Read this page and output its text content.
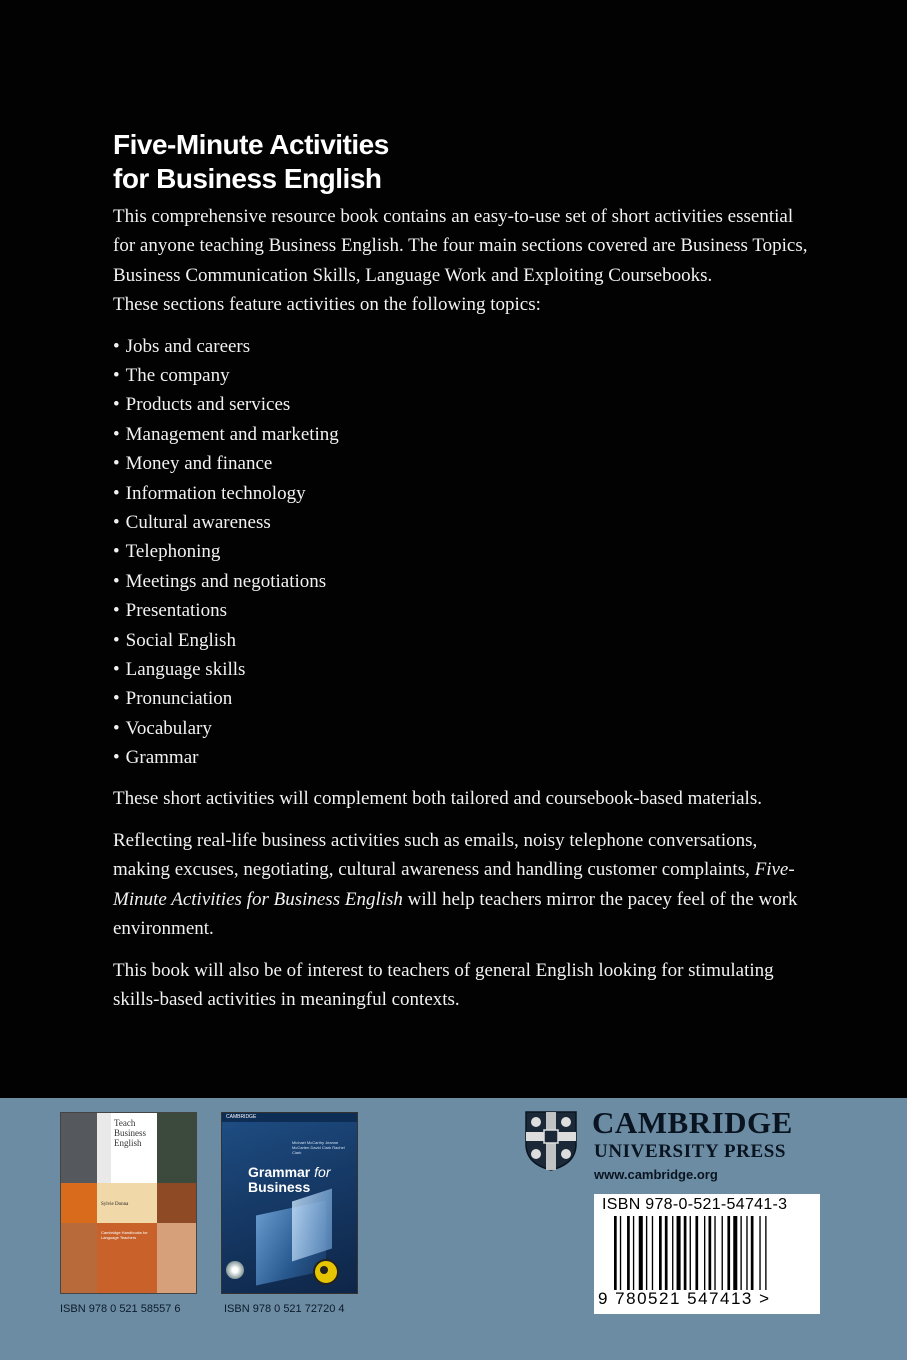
Five-Minute Activities
for Business English

This comprehensive resource book contains an easy-to-use set of short activities essential for anyone teaching Business English. The four main sections covered are Business Topics, Business Communication Skills, Language Work and Exploiting Coursebooks.

These sections feature activities on the following topics:

• Jobs and careers
• The company
• Products and services
• Management and marketing
• Money and finance
• Information technology
• Cultural awareness
• Telephoning
• Meetings and negotiations
• Presentations
• Social English
• Language skills
• Pronunciation
• Vocabulary
• Grammar

These short activities will complement both tailored and coursebook-based materials.

Reflecting real-life business activities such as emails, noisy telephone conversations, making excuses, negotiating, cultural awareness and handling customer complaints, Five-Minute Activities for Business English will help teachers mirror the pacey feel of the work environment.

This book will also be of interest to teachers of general English looking for stimulating skills-based activities in meaningful contexts.

Teach Business English
Sylvie Donna
Cambridge Handbooks for Language Teachers
ISBN 978 0 521 58557 6
CAMBRIDGE
Michael McCarthy Jeanne McCarten David Clark Rachel Clark
Grammar for
Business
ISBN 978 0 521 72720 4
CAMBRIDGE
UNIVERSITY PRESS
www.cambridge.org
ISBN 978-0-521-54741-3
9 780521 547413 >
